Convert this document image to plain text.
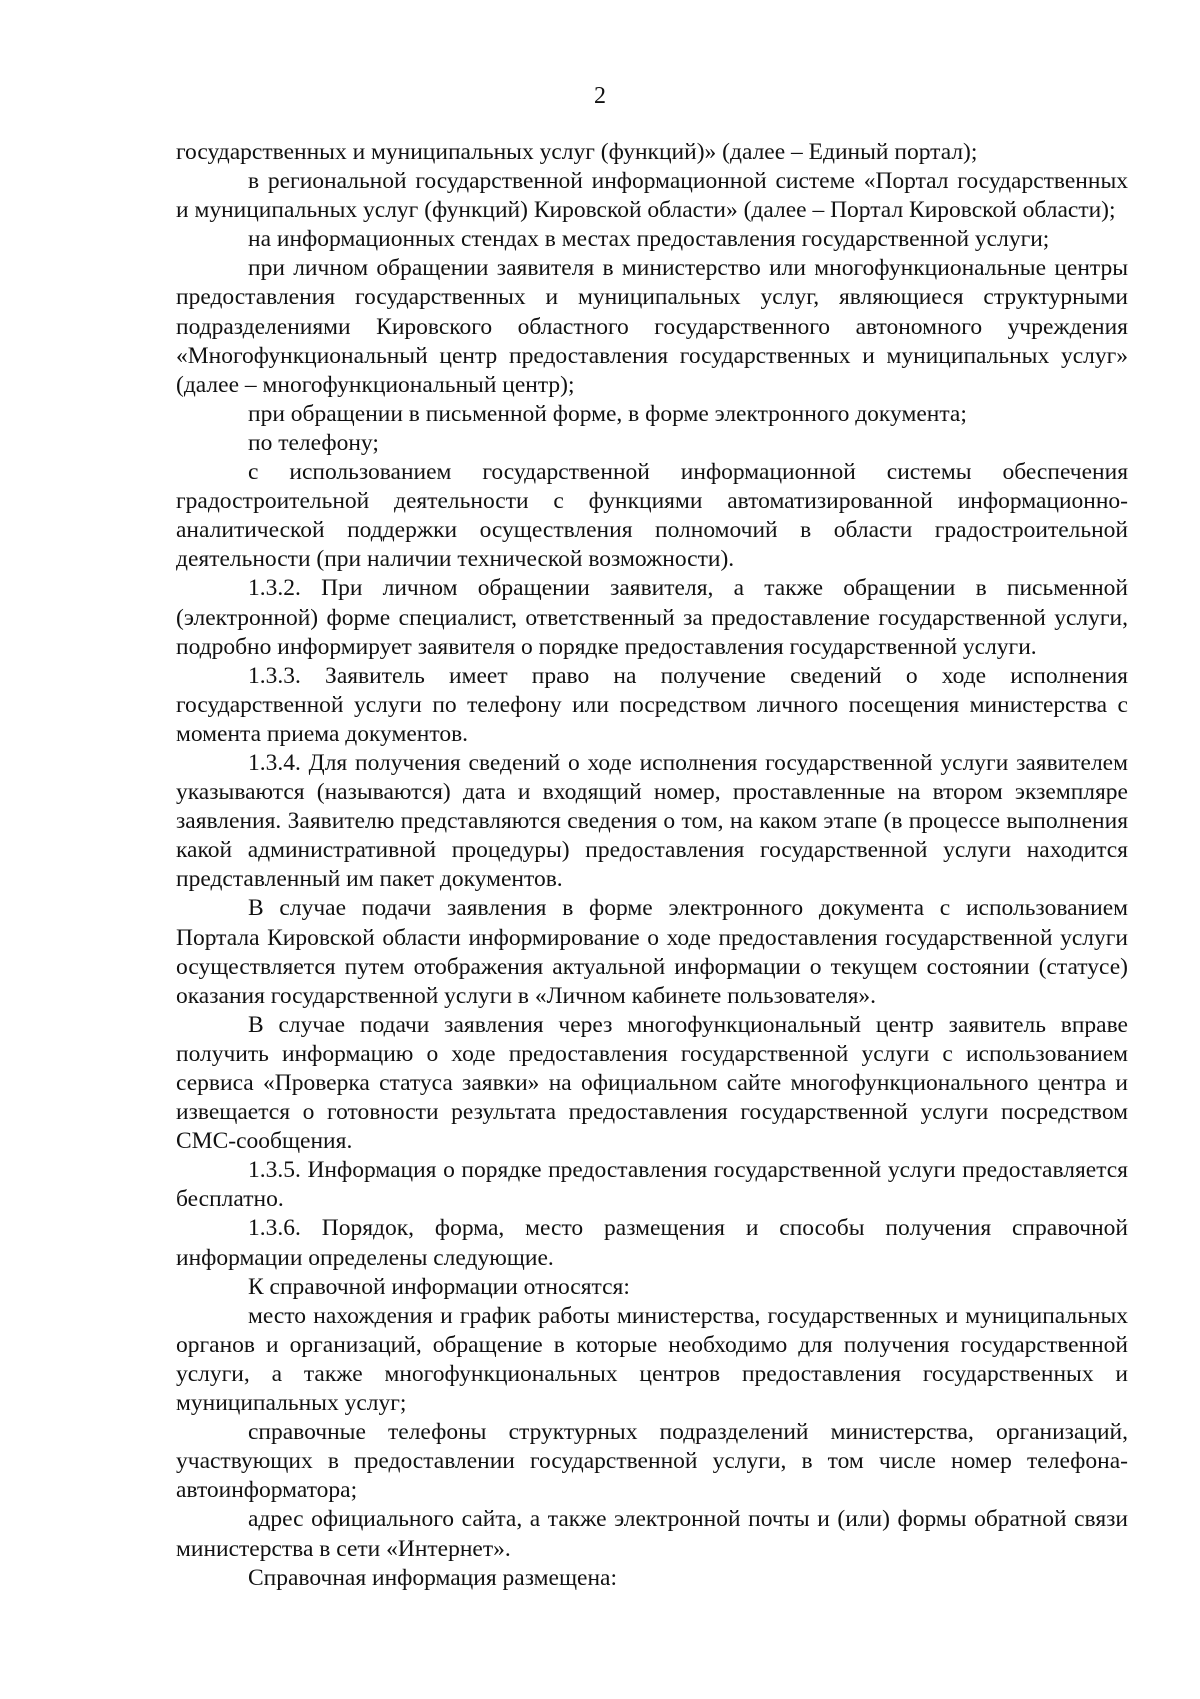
2

государственных и муниципальных услуг (функций)» (далее – Единый портал);

в региональной государственной информационной системе «Портал государственных и муниципальных услуг (функций) Кировской области» (далее – Портал Кировской области);

на информационных стендах в местах предоставления государственной услуги;

при личном обращении заявителя в министерство или многофункциональные центры предоставления государственных и муниципальных услуг, являющиеся структурными подразделениями Кировского областного государственного автономного учреждения «Многофункциональный центр предоставления государственных и муниципальных услуг» (далее – многофункциональный центр);

при обращении в письменной форме, в форме электронного документа;

по телефону;

с использованием государственной информационной системы обеспечения градостроительной деятельности с функциями автоматизированной информационно-аналитической поддержки осуществления полномочий в области градостроительной деятельности (при наличии технической возможности).

1.3.2. При личном обращении заявителя, а также обращении в письменной (электронной) форме специалист, ответственный за предоставление государственной услуги, подробно информирует заявителя о порядке предоставления государственной услуги.

1.3.3. Заявитель имеет право на получение сведений о ходе исполнения государственной услуги по телефону или посредством личного посещения министерства с момента приема документов.

1.3.4. Для получения сведений о ходе исполнения государственной услуги заявителем указываются (называются) дата и входящий номер, проставленные на втором экземпляре заявления. Заявителю представляются сведения о том, на каком этапе (в процессе выполнения какой административной процедуры) предоставления государственной услуги находится представленный им пакет документов.

В случае подачи заявления в форме электронного документа с использованием Портала Кировской области информирование о ходе предоставления государственной услуги осуществляется путем отображения актуальной информации о текущем состоянии (статусе) оказания государственной услуги в «Личном кабинете пользователя».

В случае подачи заявления через многофункциональный центр заявитель вправе получить информацию о ходе предоставления государственной услуги с использованием сервиса «Проверка статуса заявки» на официальном сайте многофункционального центра и извещается о готовности результата предоставления государственной услуги посредством СМС-сообщения.

1.3.5. Информация о порядке предоставления государственной услуги предоставляется бесплатно.

1.3.6. Порядок, форма, место размещения и способы получения справочной информации определены следующие.

К справочной информации относятся:

место нахождения и график работы министерства, государственных и муниципальных органов и организаций, обращение в которые необходимо для получения государственной услуги, а также многофункциональных центров предоставления государственных и муниципальных услуг;

справочные телефоны структурных подразделений министерства, организаций, участвующих в предоставлении государственной услуги, в том числе номер телефона-автоинформатора;

адрес официального сайта, а также электронной почты и (или) формы обратной связи министерства в сети «Интернет».

Справочная информация размещена:
